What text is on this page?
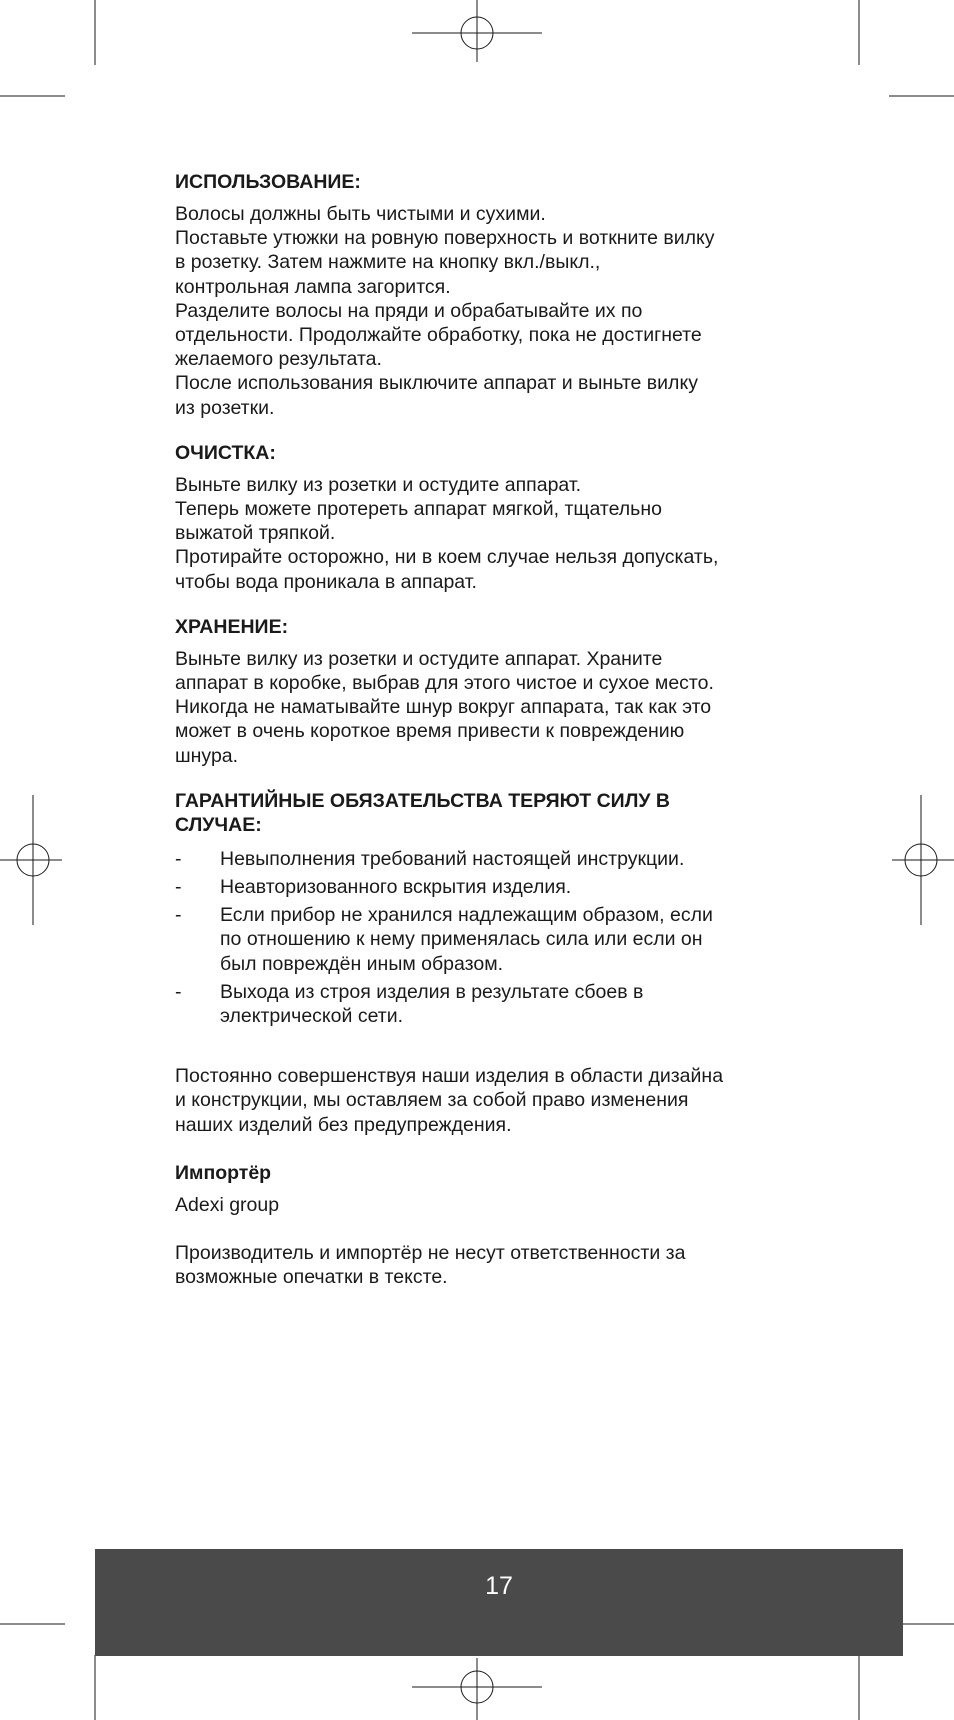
ИСПОЛЬЗОВАНИЕ:

Волосы должны быть чистыми и сухими.
Поставьте утюжки на ровную поверхность и воткните вилку
в розетку. Затем нажмите на кнопку вкл./выкл.,
контрольная лампа загорится.
Разделите волосы на пряди и обрабатывайте их по
отдельности. Продолжайте обработку, пока не достигнете
желаемого результата.
После использования выключите аппарат и выньте вилку
из розетки.

ОЧИСТКА:

Выньте вилку из розетки и остудите аппарат.
Теперь можете протереть аппарат мягкой, тщательно
выжатой тряпкой.
Протирайте осторожно, ни в коем случае нельзя допускать,
чтобы вода проникала в аппарат.

ХРАНЕНИЕ:

Выньте вилку из розетки и остудите аппарат. Храните
аппарат в коробке, выбрав для этого чистое и сухое место.
Никогда не наматывайте шнур вокруг аппарата, так как это
может в очень короткое время привести к повреждению
шнура.

ГАРАНТИЙНЫЕ ОБЯЗАТЕЛЬСТВА ТЕРЯЮТ СИЛУ В
СЛУЧАЕ:
- Невыполнения требований настоящей инструкции.
- Неавторизованного вскрытия изделия.
- Если прибор не хранился надлежащим образом, если
по отношению к нему применялась сила или если он
был повреждён иным образом.
- Выхода из строя изделия в результате сбоев в
электрической сети.

Постоянно совершенствуя наши изделия в области дизайна
и конструкции, мы оставляем за собой право изменения
наших изделий без предупреждения.

Импортёр

Adexi group

Производитель и импортёр не несут ответственности за
возможные опечатки в тексте.

17
